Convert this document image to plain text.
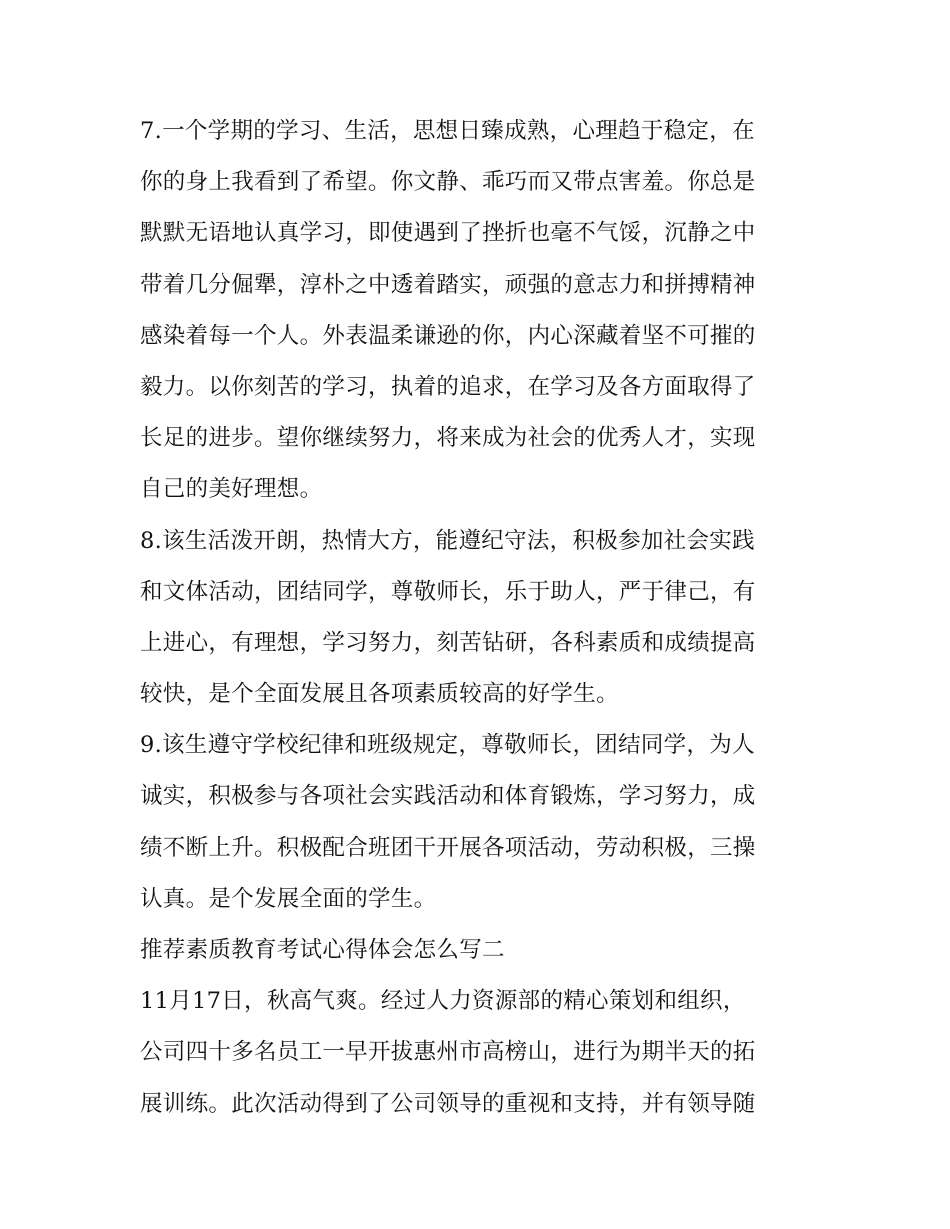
7.一个学期的学习、生活，思想日臻成熟，心理趋于稳定，在
你的身上我看到了希望。你文静、乖巧而又带点害羞。你总是
默默无语地认真学习，即使遇到了挫折也毫不气馁，沉静之中
带着几分倔犟，淳朴之中透着踏实，顽强的意志力和拼搏精神
感染着每一个人。外表温柔谦逊的你，内心深藏着坚不可摧的
毅力。以你刻苦的学习，执着的追求，在学习及各方面取得了
长足的进步。望你继续努力，将来成为社会的优秀人才，实现
自己的美好理想。
8.该生活泼开朗，热情大方，能遵纪守法，积极参加社会实践
和文体活动，团结同学，尊敬师长，乐于助人，严于律己，有
上进心，有理想，学习努力，刻苦钻研，各科素质和成绩提高
较快，是个全面发展且各项素质较高的好学生。
9.该生遵守学校纪律和班级规定，尊敬师长，团结同学，为人
诚实，积极参与各项社会实践活动和体育锻炼，学习努力，成
绩不断上升。积极配合班团干开展各项活动，劳动积极，三操
认真。是个发展全面的学生。
推荐素质教育考试心得体会怎么写二
11月17日，秋高气爽。经过人力资源部的精心策划和组织，
公司四十多名员工一早开拔惠州市高榜山，进行为期半天的拓
展训练。此次活动得到了公司领导的重视和支持，并有领导随
